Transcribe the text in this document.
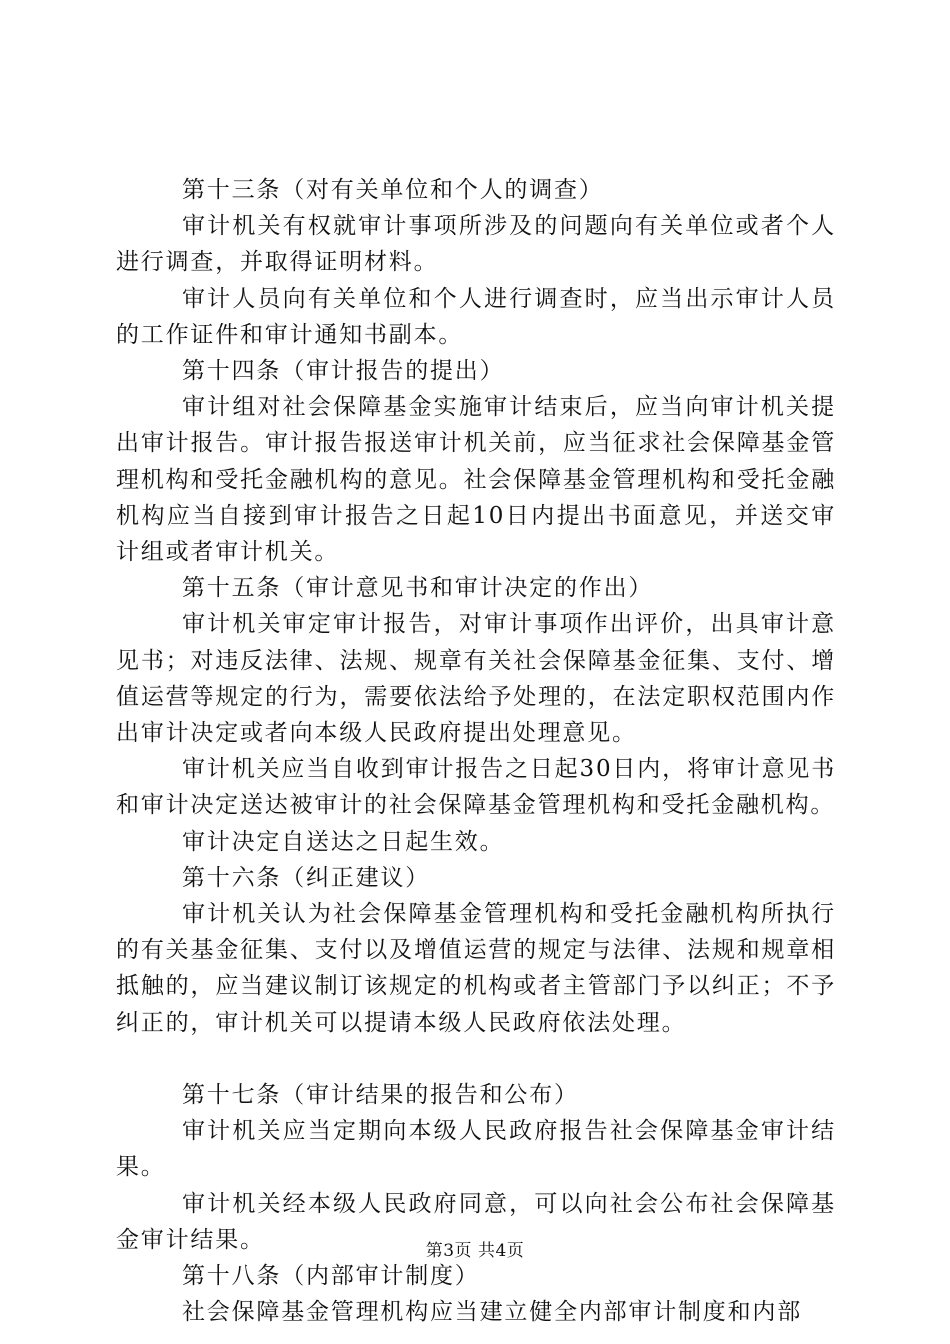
第十三条（对有关单位和个人的调查）

审计机关有权就审计事项所涉及的问题向有关单位或者个人进行调查，并取得证明材料。

审计人员向有关单位和个人进行调查时，应当出示审计人员的工作证件和审计通知书副本。

第十四条（审计报告的提出）

审计组对社会保障基金实施审计结束后，应当向审计机关提出审计报告。审计报告报送审计机关前，应当征求社会保障基金管理机构和受托金融机构的意见。社会保障基金管理机构和受托金融机构应当自接到审计报告之日起10日内提出书面意见，并送交审计组或者审计机关。

第十五条（审计意见书和审计决定的作出）

审计机关审定审计报告，对审计事项作出评价，出具审计意见书；对违反法律、法规、规章有关社会保障基金征集、支付、增值运营等规定的行为，需要依法给予处理的，在法定职权范围内作出审计决定或者向本级人民政府提出处理意见。

审计机关应当自收到审计报告之日起30日内，将审计意见书和审计决定送达被审计的社会保障基金管理机构和受托金融机构。

审计决定自送达之日起生效。

第十六条（纠正建议）

审计机关认为社会保障基金管理机构和受托金融机构所执行的有关基金征集、支付以及增值运营的规定与法律、法规和规章相抵触的，应当建议制订该规定的机构或者主管部门予以纠正；不予纠正的，审计机关可以提请本级人民政府依法处理。

第十七条（审计结果的报告和公布）

审计机关应当定期向本级人民政府报告社会保障基金审计结果。

审计机关经本级人民政府同意，可以向社会公布社会保障基金审计结果。

第十八条（内部审计制度）

社会保障基金管理机构应当建立健全内部审计制度和内部

第3页 共4页
